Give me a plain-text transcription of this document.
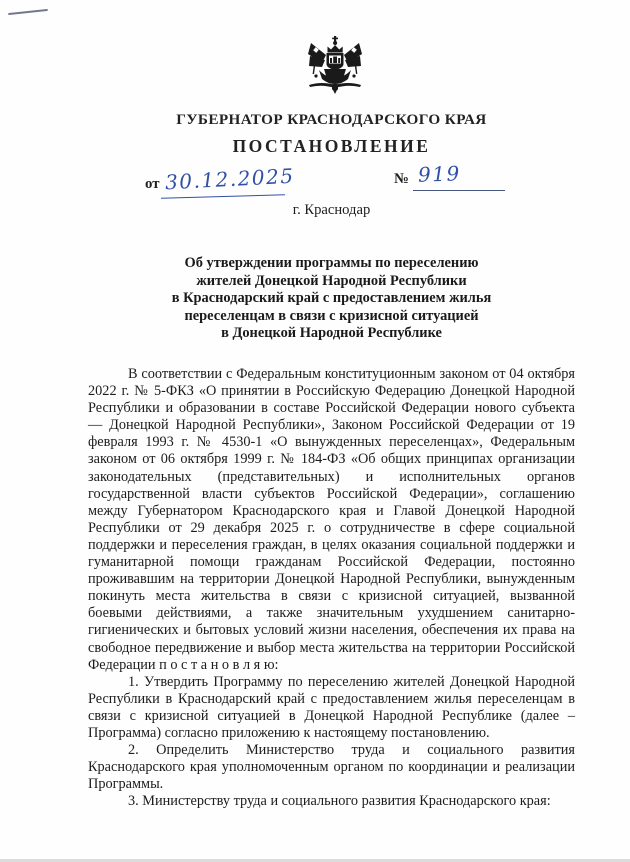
ГУБЕРНАТОР КРАСНОДАРСКОГО КРАЯ
ПОСТАНОВЛЕНИЕ
от 30.12.2025	№ 919
г. Краснодар
Об утверждении программы по переселению
жителей Донецкой Народной Республики
в Краснодарский край с предоставлением жилья
переселенцам в связи с кризисной ситуацией
в Донецкой Народной Республике

В соответствии с Федеральным конституционным законом от 04 октября 2022 г. № 5-ФКЗ «О принятии в Российскую Федерацию Донецкой Народной Республики и образовании в составе Российской Федерации нового субъекта — Донецкой Народной Республики», Законом Российской Федерации от 19 февраля 1993 г. № 4530-1 «О вынужденных переселенцах», Федеральным законом от 06 октября 1999 г. № 184-ФЗ «Об общих принципах организации законодательных (представительных) и исполнительных органов государственной власти субъектов Российской Федерации», соглашению между Губернатором Краснодарского края и Главой Донецкой Народной Республики от 29 декабря 2025 г. о сотрудничестве в сфере социальной поддержки и переселения граждан, в целях оказания социальной поддержки и гуманитарной помощи гражданам Российской Федерации, постоянно проживавшим на территории Донецкой Народной Республики, вынужденным покинуть места жительства в связи с кризисной ситуацией, вызванной боевыми действиями, а также значительным ухудшением санитарно-гигиенических и бытовых условий жизни населения, обеспечения их права на свободное передвижение и выбор места жительства на территории Российской Федерации п о с т а н о в л я ю:

1. Утвердить Программу по переселению жителей Донецкой Народной Республики в Краснодарский край с предоставлением жилья переселенцам в связи с кризисной ситуацией в Донецкой Народной Республике (далее – Программа) согласно приложению к настоящему постановлению.

2. Определить Министерство труда и социального развития Краснодарского края уполномоченным органом по координации и реализации Программы.

3. Министерству труда и социального развития Краснодарского края:
